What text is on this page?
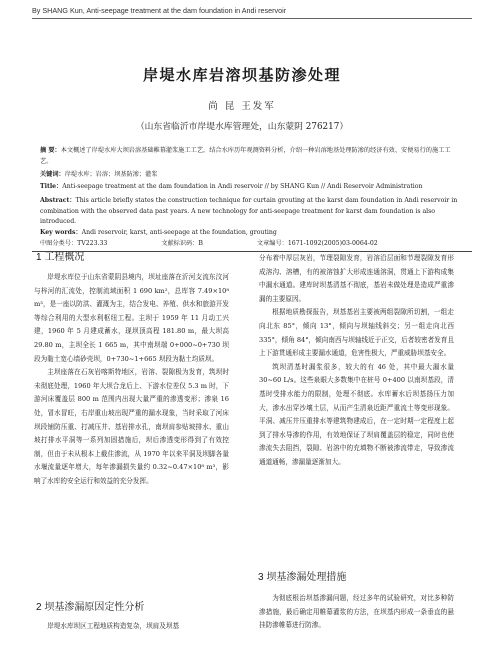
By SHANG Kun, Anti-seepage treatment at the dam foundation in Andi reservoir
岸堤水库岩溶坝基防渗处理
尚 昆 王发军
（山东省临沂市岸堤水库管理处，山东蒙阴 276217）
摘 要：本文概述了岸堤水库大坝岩溶基础帷幕灌浆施工工艺，结合水库历年观测资料分析，介绍一种岩溶地基处理防渗的经济有效、安便易行的施工工艺。
关键词：岸堤水库；岩溶；坝基防渗；灌浆
Title：Anti-seepage treatment at the dam foundation in Andi reservoir // by SHANG Kun // Andi Reservoir Administration
Abstract：This article briefly states the construction technique for curtain grouting at the karst dam foundation in Andi reservoir in combination with the observed data past years. A new technology for anti-seepage treatment for karst dam foundation is also introduced.
Key words：Andi reservoir, karst, anti-seepage at the foundation, grouting
中图分类号：TV223.33	文献标识码：B	文章编号：1671-1092(2005)03-0064-02
1 工程概况

岸堤水库位于山东省蒙阴县境内，坝址座落在沂河支流东汶河与梓河的汇流处，控制流域面积 1 690 km²，总库容 7.49×10⁸ m³，是一座以防洪、灌溉为主，结合发电、养殖、供水和旅游开发等综合利用的大型水利枢纽工程。主坝于 1959 年 11 月动工兴建，1960 年 5 月建成蓄水，现坝顶高程 181.80 m，最大坝高 29.80 m，主坝全长 1 665 m，其中南坝端 0+000~0+730 坝段为黏土宽心墙砂壳坝，0+730~1+665 坝段为黏土均质坝。

主坝座落在石灰岩喀斯特地区，岩溶、裂隙极为发育，筑坝时未彻底处理，1960 年大坝合龙后上、下游水位差仅 5.3 m 时，下游河床覆盖层 800 m 范围内出现大量严重的渗透变形；渗泉 16 处，冒水冒旺，右岸重山坡出现严重的漏水现象，当时采取了河床坝段铺防压重、打减压井、基岩排水孔，南坝肩参贴坡排水、重山坡打排水平洞等一系列加固措施后，坝后渗透变形得到了有效控制，但由于未从根本上截住渗流，从 1970 年以来平洞及坝脚各量水堰流量逐年增大，每年渗漏损失量约 0.32~0.47×10⁸ m³，影响了水库的安全运行和效益的充分发挥。

2 坝基渗漏原因定性分析

岸堤水库坝区工程地质构造复杂，坝肩及坝基

分布着中厚层灰岩，节理裂隙发育，岩溶沿层面和节理裂隙发育形成溶沟、溶槽，有的被溶蚀扩大形成连通溶洞，贯通上下游构成集中漏水通道。建库时坝基清基不彻底，基岩未做处理是造成严重渗漏的主要原因。

根据地质勘探报告，坝基基岩主要被两组裂隙所切割，一组走向北东 85°，倾向 13°，倾向与坝轴线斜交；另一组走向北西 335°，倾角 84°，倾向南西与坝轴线近于正交，后者较密者发育且上下游贯通形成主要漏水通道，危害性极大，严重威胁坝基安全。

筑坝清基时漏浆很多，较大的有 46 处，其中最大漏水量 30~60 L/s。这些泉眼大多数集中在桩号 0+400 以南坝基段，清基时受排水能力的限制，处理不彻底。水库蓄水后坝基扬压力加大，渗水出穿沙壤土层，从而产生清泉近距严重流土等变形现象。平洞、减压井压重排水等建筑物建成后，在一定时期一定程度上起到了排水导渗的作用，有效地保证了坝肩覆盖层的稳定，同时也使渗流失去阻挡，裂隙、岩溶中的充填物不断被渗流带走，导致渗流通道通畅，渗漏量逐渐加大。

3 坝基渗漏处理措施

为彻底根治坝基渗漏问题，经过多年的试验研究，对比多种防渗措施，最后确定用帷幕灌浆的方法，在坝基内形成一条垂直的悬挂防渗帷幕进行防渗。
